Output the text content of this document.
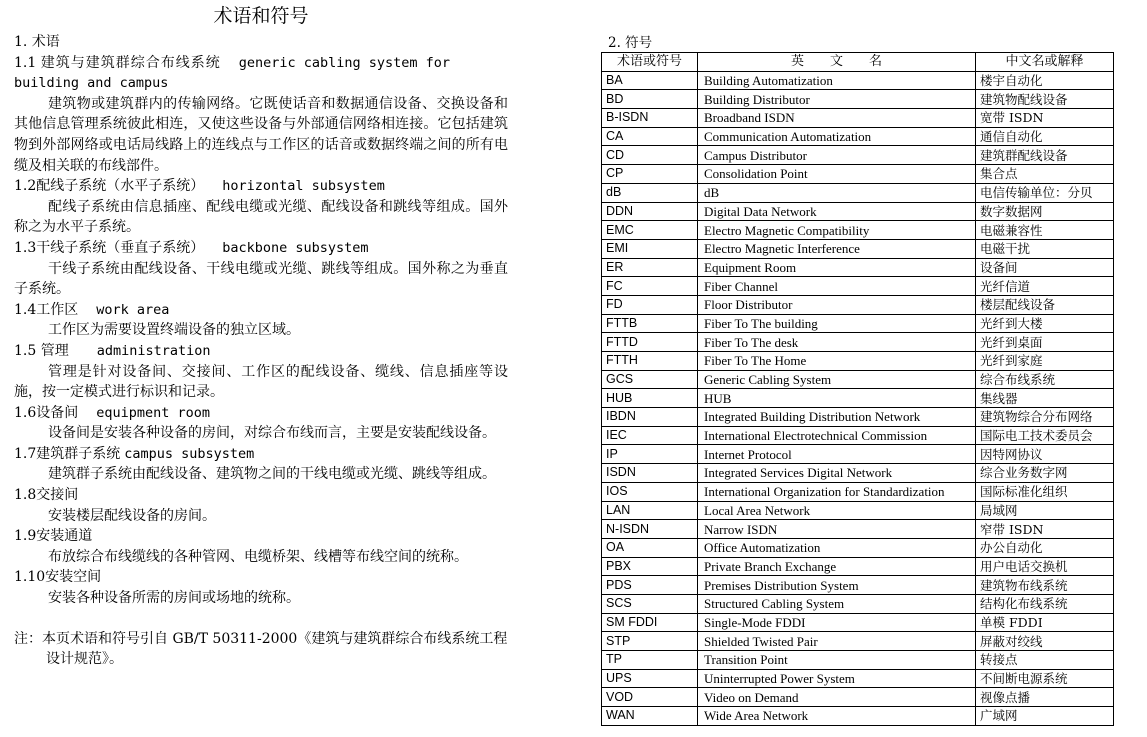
术语和符号
1. 术语
1.1 建筑与建筑群综合布线系统 generic cabling system for building and campus
建筑物或建筑群内的传输网络。它既使话音和数据通信设备、交换设备和其他信息管理系统彼此相连，又使这些设备与外部通信网络相连接。它包括建筑物到外部网络或电话局线路上的连线点与工作区的话音或数据终端之间的所有电缆及相关联的布线部件。
1.2配线子系统（水平子系统） horizontal subsystem
配线子系统由信息插座、配线电缆或光缆、配线设备和跳线等组成。国外称之为水平子系统。
1.3干线子系统（垂直子系统） backbone subsystem
干线子系统由配线设备、干线电缆或光缆、跳线等组成。国外称之为垂直子系统。
1.4工作区 work area
工作区为需要设置终端设备的独立区域。
1.5 管理 administration
管理是针对设备间、交接间、工作区的配线设备、缆线、信息插座等设施，按一定模式进行标识和记录。
1.6设备间 equipment room
设备间是安装各种设备的房间，对综合布线而言，主要是安装配线设备。
1.7建筑群子系统 campus subsystem
建筑群子系统由配线设备、建筑物之间的干线电缆或光缆、跳线等组成。
1.8交接间
安装楼层配线设备的房间。
1.9安装通道
布放综合布线缆线的各种管网、电缆桥架、线槽等布线空间的统称。
1.10安装空间
安装各种设备所需的房间或场地的统称。
注：本页术语和符号引自 GB/T 50311-2000《建筑与建筑群综合布线系统工程设计规范》。
2. 符号
术语或符号	英　　文　　名	中文名或解释
BA	Building Automatization	楼宇自动化
BD	Building Distributor	建筑物配线设备
B-ISDN	Broadband ISDN	宽带 ISDN
CA	Communication Automatization	通信自动化
CD	Campus Distributor	建筑群配线设备
CP	Consolidation Point	集合点
dB	dB	电信传输单位：分贝
DDN	Digital Data Network	数字数据网
EMC	Electro Magnetic Compatibility	电磁兼容性
EMI	Electro Magnetic Interference	电磁干扰
ER	Equipment Room	设备间
FC	Fiber Channel	光纤信道
FD	Floor Distributor	楼层配线设备
FTTB	Fiber To The building	光纤到大楼
FTTD	Fiber To The desk	光纤到桌面
FTTH	Fiber To The Home	光纤到家庭
GCS	Generic Cabling System	综合布线系统
HUB	HUB	集线器
IBDN	Integrated Building Distribution Network	建筑物综合分布网络
IEC	International Electrotechnical Commission	国际电工技术委员会
IP	Internet Protocol	因特网协议
ISDN	Integrated Services Digital Network	综合业务数字网
IOS	International Organization for Standardization	国际标准化组织
LAN	Local Area Network	局域网
N-ISDN	Narrow ISDN	窄带 ISDN
OA	Office Automatization	办公自动化
PBX	Private Branch Exchange	用户电话交换机
PDS	Premises Distribution System	建筑物布线系统
SCS	Structured Cabling System	结构化布线系统
SM FDDI	Single-Mode FDDI	单模 FDDI
STP	Shielded Twisted Pair	屏蔽对绞线
TP	Transition Point	转接点
UPS	Uninterrupted Power System	不间断电源系统
VOD	Video on Demand	视像点播
WAN	Wide Area Network	广域网
